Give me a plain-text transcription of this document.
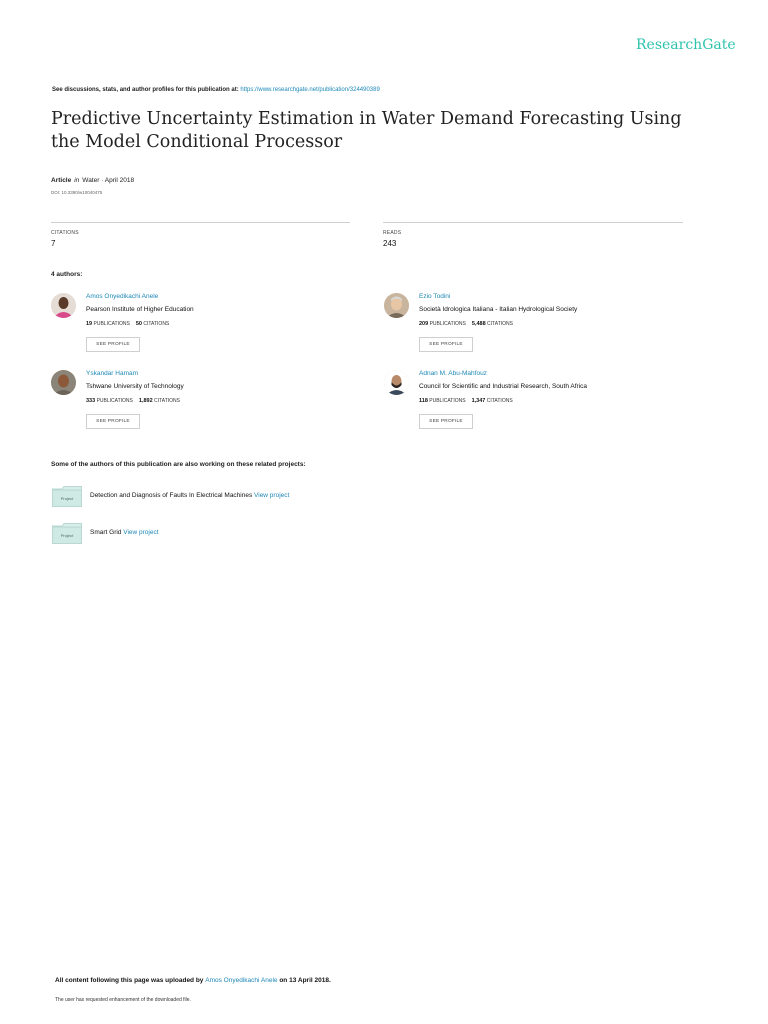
ResearchGate
See discussions, stats, and author profiles for this publication at: https://www.researchgate.net/publication/324490389
Predictive Uncertainty Estimation in Water Demand Forecasting Using the Model Conditional Processor
Article in Water · April 2018
DOI: 10.3390/w10040475
CITATIONS
7
READS
243
4 authors:
Amos Onyedikachi Anele
Pearson Institute of Higher Education
19 PUBLICATIONS 50 CITATIONS
SEE PROFILE
Ezio Todini
Società Idrologica Italiana - Italian Hydrological Society
209 PUBLICATIONS 5,488 CITATIONS
SEE PROFILE
Yskandar Hamam
Tshwane University of Technology
333 PUBLICATIONS 1,892 CITATIONS
SEE PROFILE
Adnan M. Abu-Mahfouz
Council for Scientific and Industrial Research, South Africa
118 PUBLICATIONS 1,347 CITATIONS
SEE PROFILE
Some of the authors of this publication are also working on these related projects:
Project	Detection and Diagnosis of Faults In Electrical Machines View project
Project	Smart Grid View project
All content following this page was uploaded by Amos Onyedikachi Anele on 13 April 2018.
The user has requested enhancement of the downloaded file.
